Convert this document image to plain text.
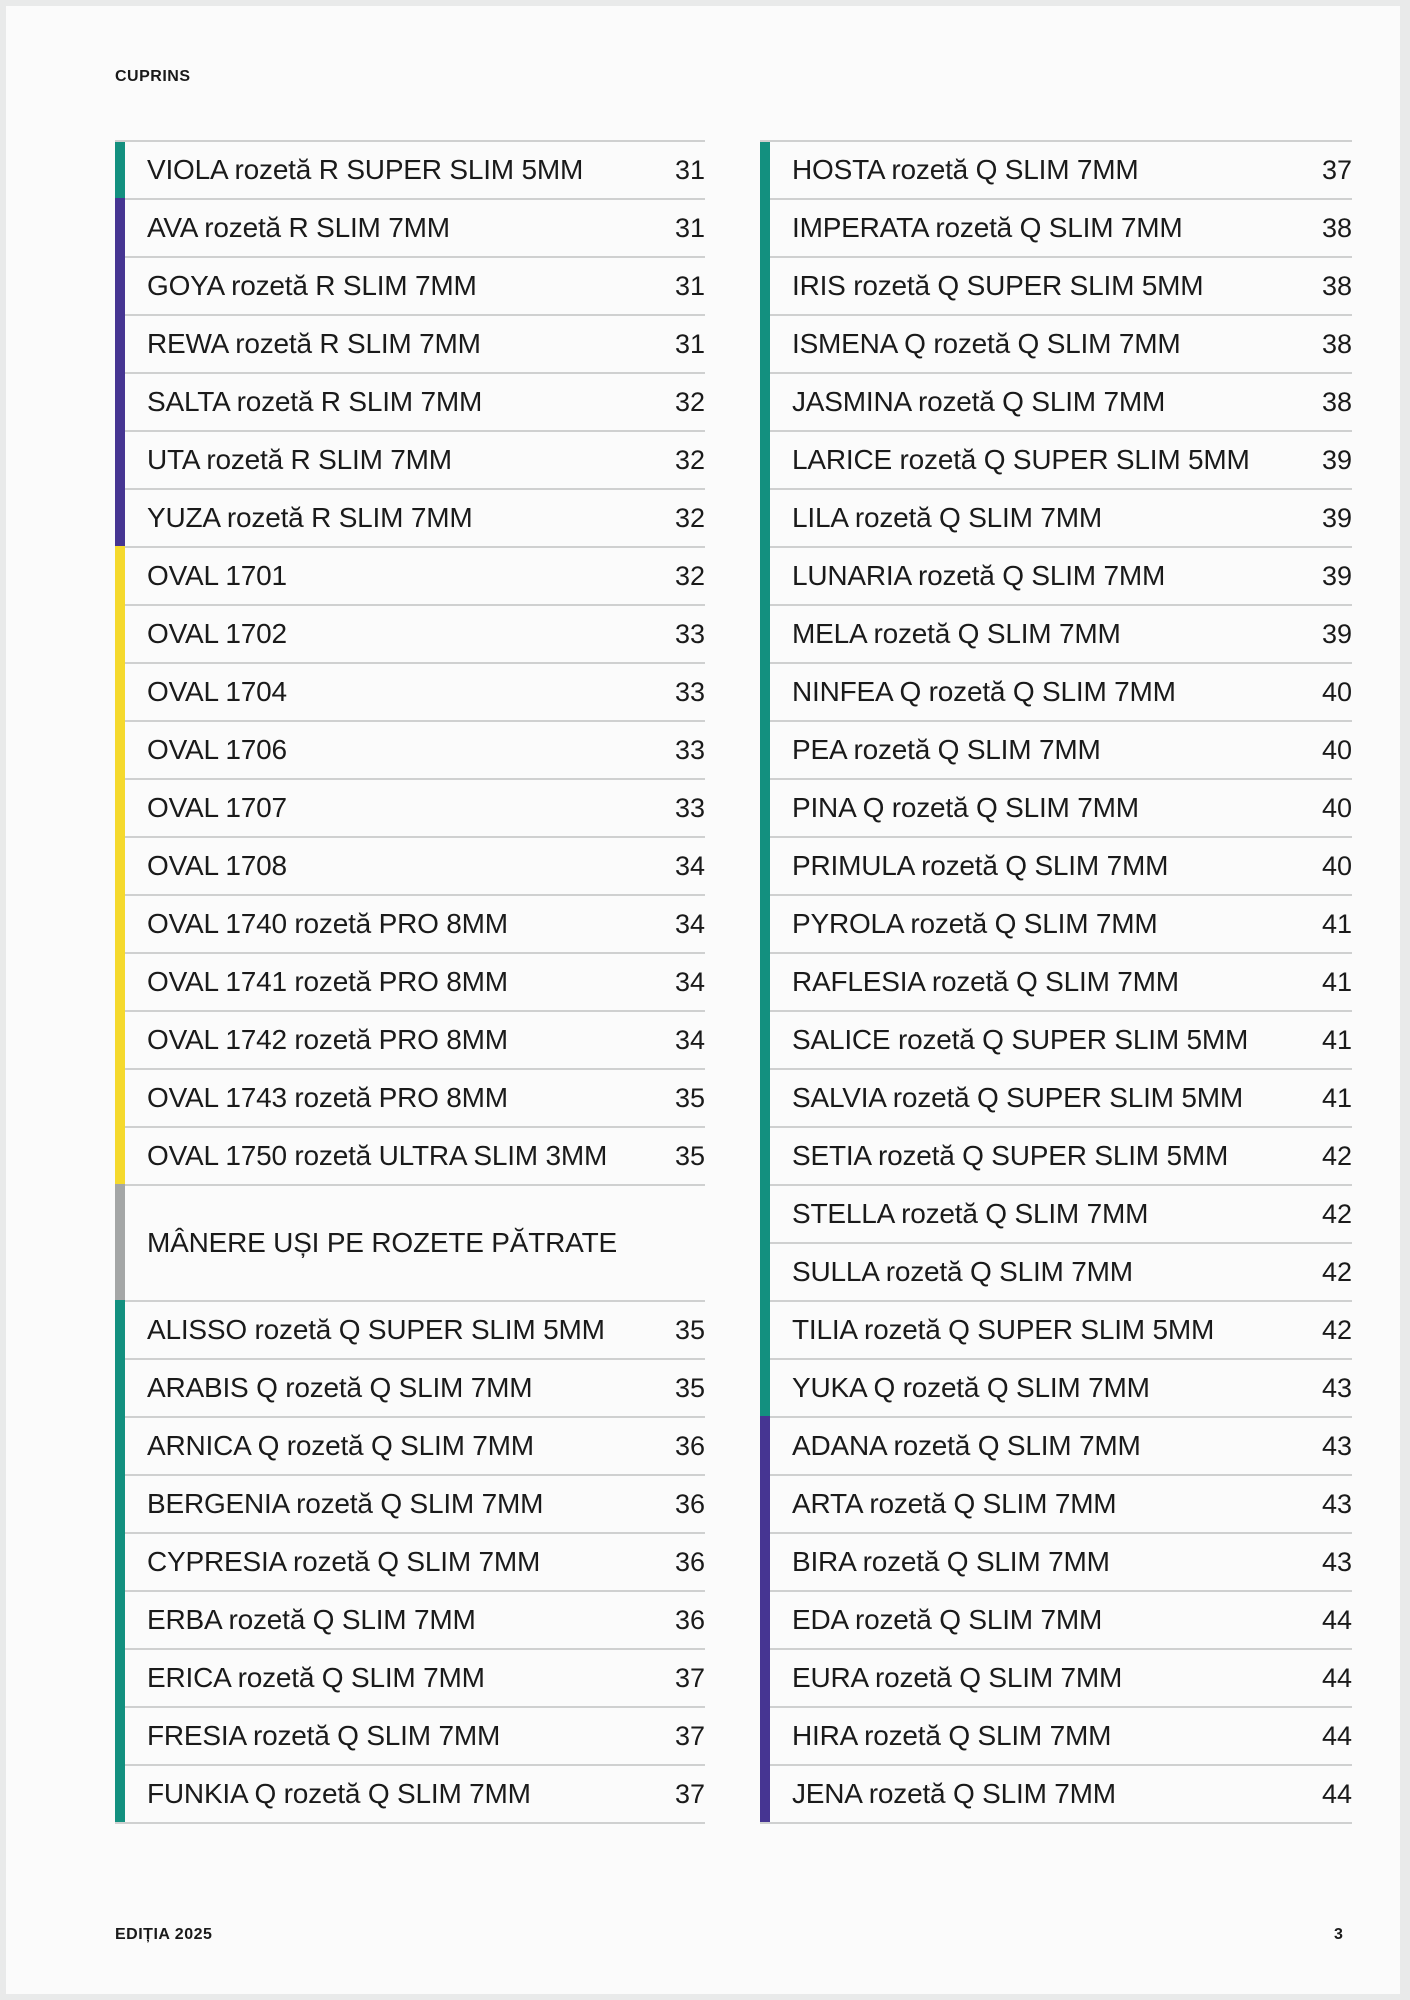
CUPRINS
VIOLA rozetă R SUPER SLIM 5MM	31
AVA rozetă R SLIM 7MM	31
GOYA rozetă R SLIM 7MM	31
REWA rozetă R SLIM 7MM	31
SALTA rozetă R SLIM 7MM	32
UTA rozetă R SLIM 7MM	32
YUZA rozetă R SLIM 7MM	32
OVAL 1701	32
OVAL 1702	33
OVAL 1704	33
OVAL 1706	33
OVAL 1707	33
OVAL 1708	34
OVAL 1740 rozetă PRO 8MM	34
OVAL 1741 rozetă PRO 8MM	34
OVAL 1742 rozetă PRO 8MM	34
OVAL 1743 rozetă PRO 8MM	35
OVAL 1750 rozetă ULTRA SLIM 3MM	35
MÂNERE UȘI PE ROZETE PĂTRATE
ALISSO rozetă Q SUPER SLIM 5MM	35
ARABIS Q rozetă Q SLIM 7MM	35
ARNICA Q rozetă Q SLIM 7MM	36
BERGENIA rozetă Q SLIM 7MM	36
CYPRESIA rozetă Q SLIM 7MM	36
ERBA rozetă Q SLIM 7MM	36
ERICA rozetă Q SLIM 7MM	37
FRESIA rozetă Q SLIM 7MM	37
FUNKIA Q rozetă Q SLIM 7MM	37
HOSTA rozetă Q SLIM 7MM	37
IMPERATA rozetă Q SLIM 7MM	38
IRIS rozetă Q SUPER SLIM 5MM	38
ISMENA Q rozetă Q SLIM 7MM	38
JASMINA rozetă Q SLIM 7MM	38
LARICE rozetă Q SUPER SLIM 5MM	39
LILA rozetă Q SLIM 7MM	39
LUNARIA rozetă Q SLIM 7MM	39
MELA rozetă Q SLIM 7MM	39
NINFEA Q rozetă Q SLIM 7MM	40
PEA rozetă Q SLIM 7MM	40
PINA Q rozetă Q SLIM 7MM	40
PRIMULA rozetă Q SLIM 7MM	40
PYROLA rozetă Q SLIM 7MM	41
RAFLESIA rozetă Q SLIM 7MM	41
SALICE rozetă Q SUPER SLIM 5MM	41
SALVIA rozetă Q SUPER SLIM 5MM	41
SETIA rozetă Q SUPER SLIM 5MM	42
STELLA rozetă Q SLIM 7MM	42
SULLA rozetă Q SLIM 7MM	42
TILIA rozetă Q SUPER SLIM 5MM	42
YUKA Q rozetă Q SLIM 7MM	43
ADANA rozetă Q SLIM 7MM	43
ARTA rozetă Q SLIM 7MM	43
BIRA rozetă Q SLIM 7MM	43
EDA rozetă Q SLIM 7MM	44
EURA rozetă Q SLIM 7MM	44
HIRA rozetă Q SLIM 7MM	44
JENA rozetă Q SLIM 7MM	44
EDIȚIA 2025	3
